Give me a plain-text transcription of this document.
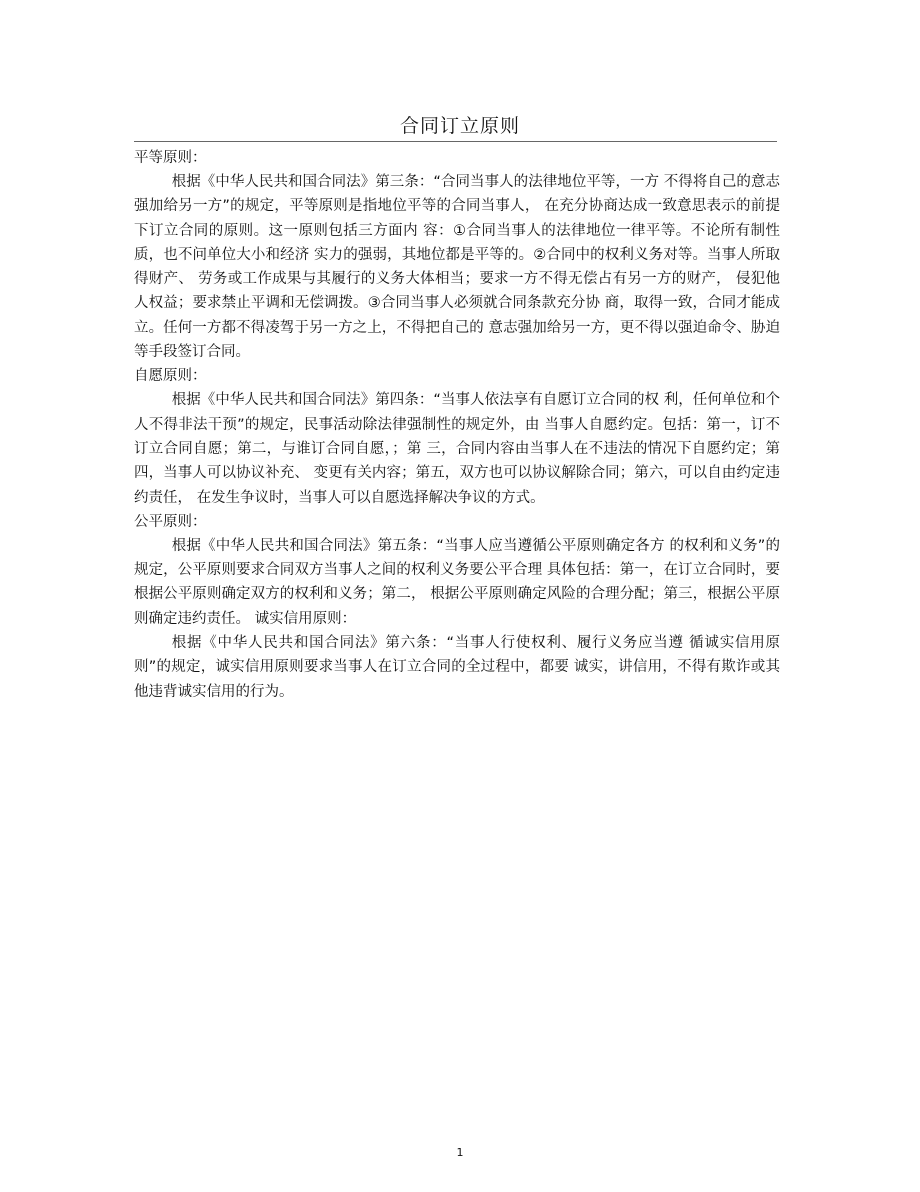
合同订立原则
平等原则：

根据《中华人民共和国合同法》第三条：“合同当事人的法律地位平等，一方 不得将自己的意志强加给另一方”的规定，平等原则是指地位平等的合同当事人， 在充分协商达成一致意思表示的前提下订立合同的原则。这一原则包括三方面内 容：①合同当事人的法律地位一律平等。不论所有制性质，也不问单位大小和经济 实力的强弱，其地位都是平等的。②合同中的权利义务对等。当事人所取得财产、 劳务或工作成果与其履行的义务大体相当；要求一方不得无偿占有另一方的财产， 侵犯他人权益；要求禁止平调和无偿调拨。③合同当事人必须就合同条款充分协 商，取得一致，合同才能成立。任何一方都不得凌驾于另一方之上，不得把自己的 意志强加给另一方，更不得以强迫命令、胁迫等手段签订合同。

自愿原则：

根据《中华人民共和国合同法》第四条：“当事人依法享有自愿订立合同的权 利，任何单位和个人不得非法干预”的规定，民事活动除法律强制性的规定外，由 当事人自愿约定。包括：第一，订不订立合同自愿；第二，与谁订合同自愿，；第 三，合同内容由当事人在不违法的情况下自愿约定；第四，当事人可以协议补充、 变更有关内容；第五，双方也可以协议解除合同；第六，可以自由约定违约责任， 在发生争议时，当事人可以自愿选择解决争议的方式。

公平原则：

根据《中华人民共和国合同法》第五条：“当事人应当遵循公平原则确定各方 的权利和义务”的规定，公平原则要求合同双方当事人之间的权利义务要公平合理 具体包括：第一，在订立合同时，要根据公平原则确定双方的权利和义务；第二， 根据公平原则确定风险的合理分配；第三，根据公平原则确定违约责任。 诚实信用原则：

根据《中华人民共和国合同法》第六条：“当事人行使权利、履行义务应当遵 循诚实信用原则”的规定，诚实信用原则要求当事人在订立合同的全过程中，都要 诚实，讲信用，不得有欺诈或其他违背诚实信用的行为。

1
